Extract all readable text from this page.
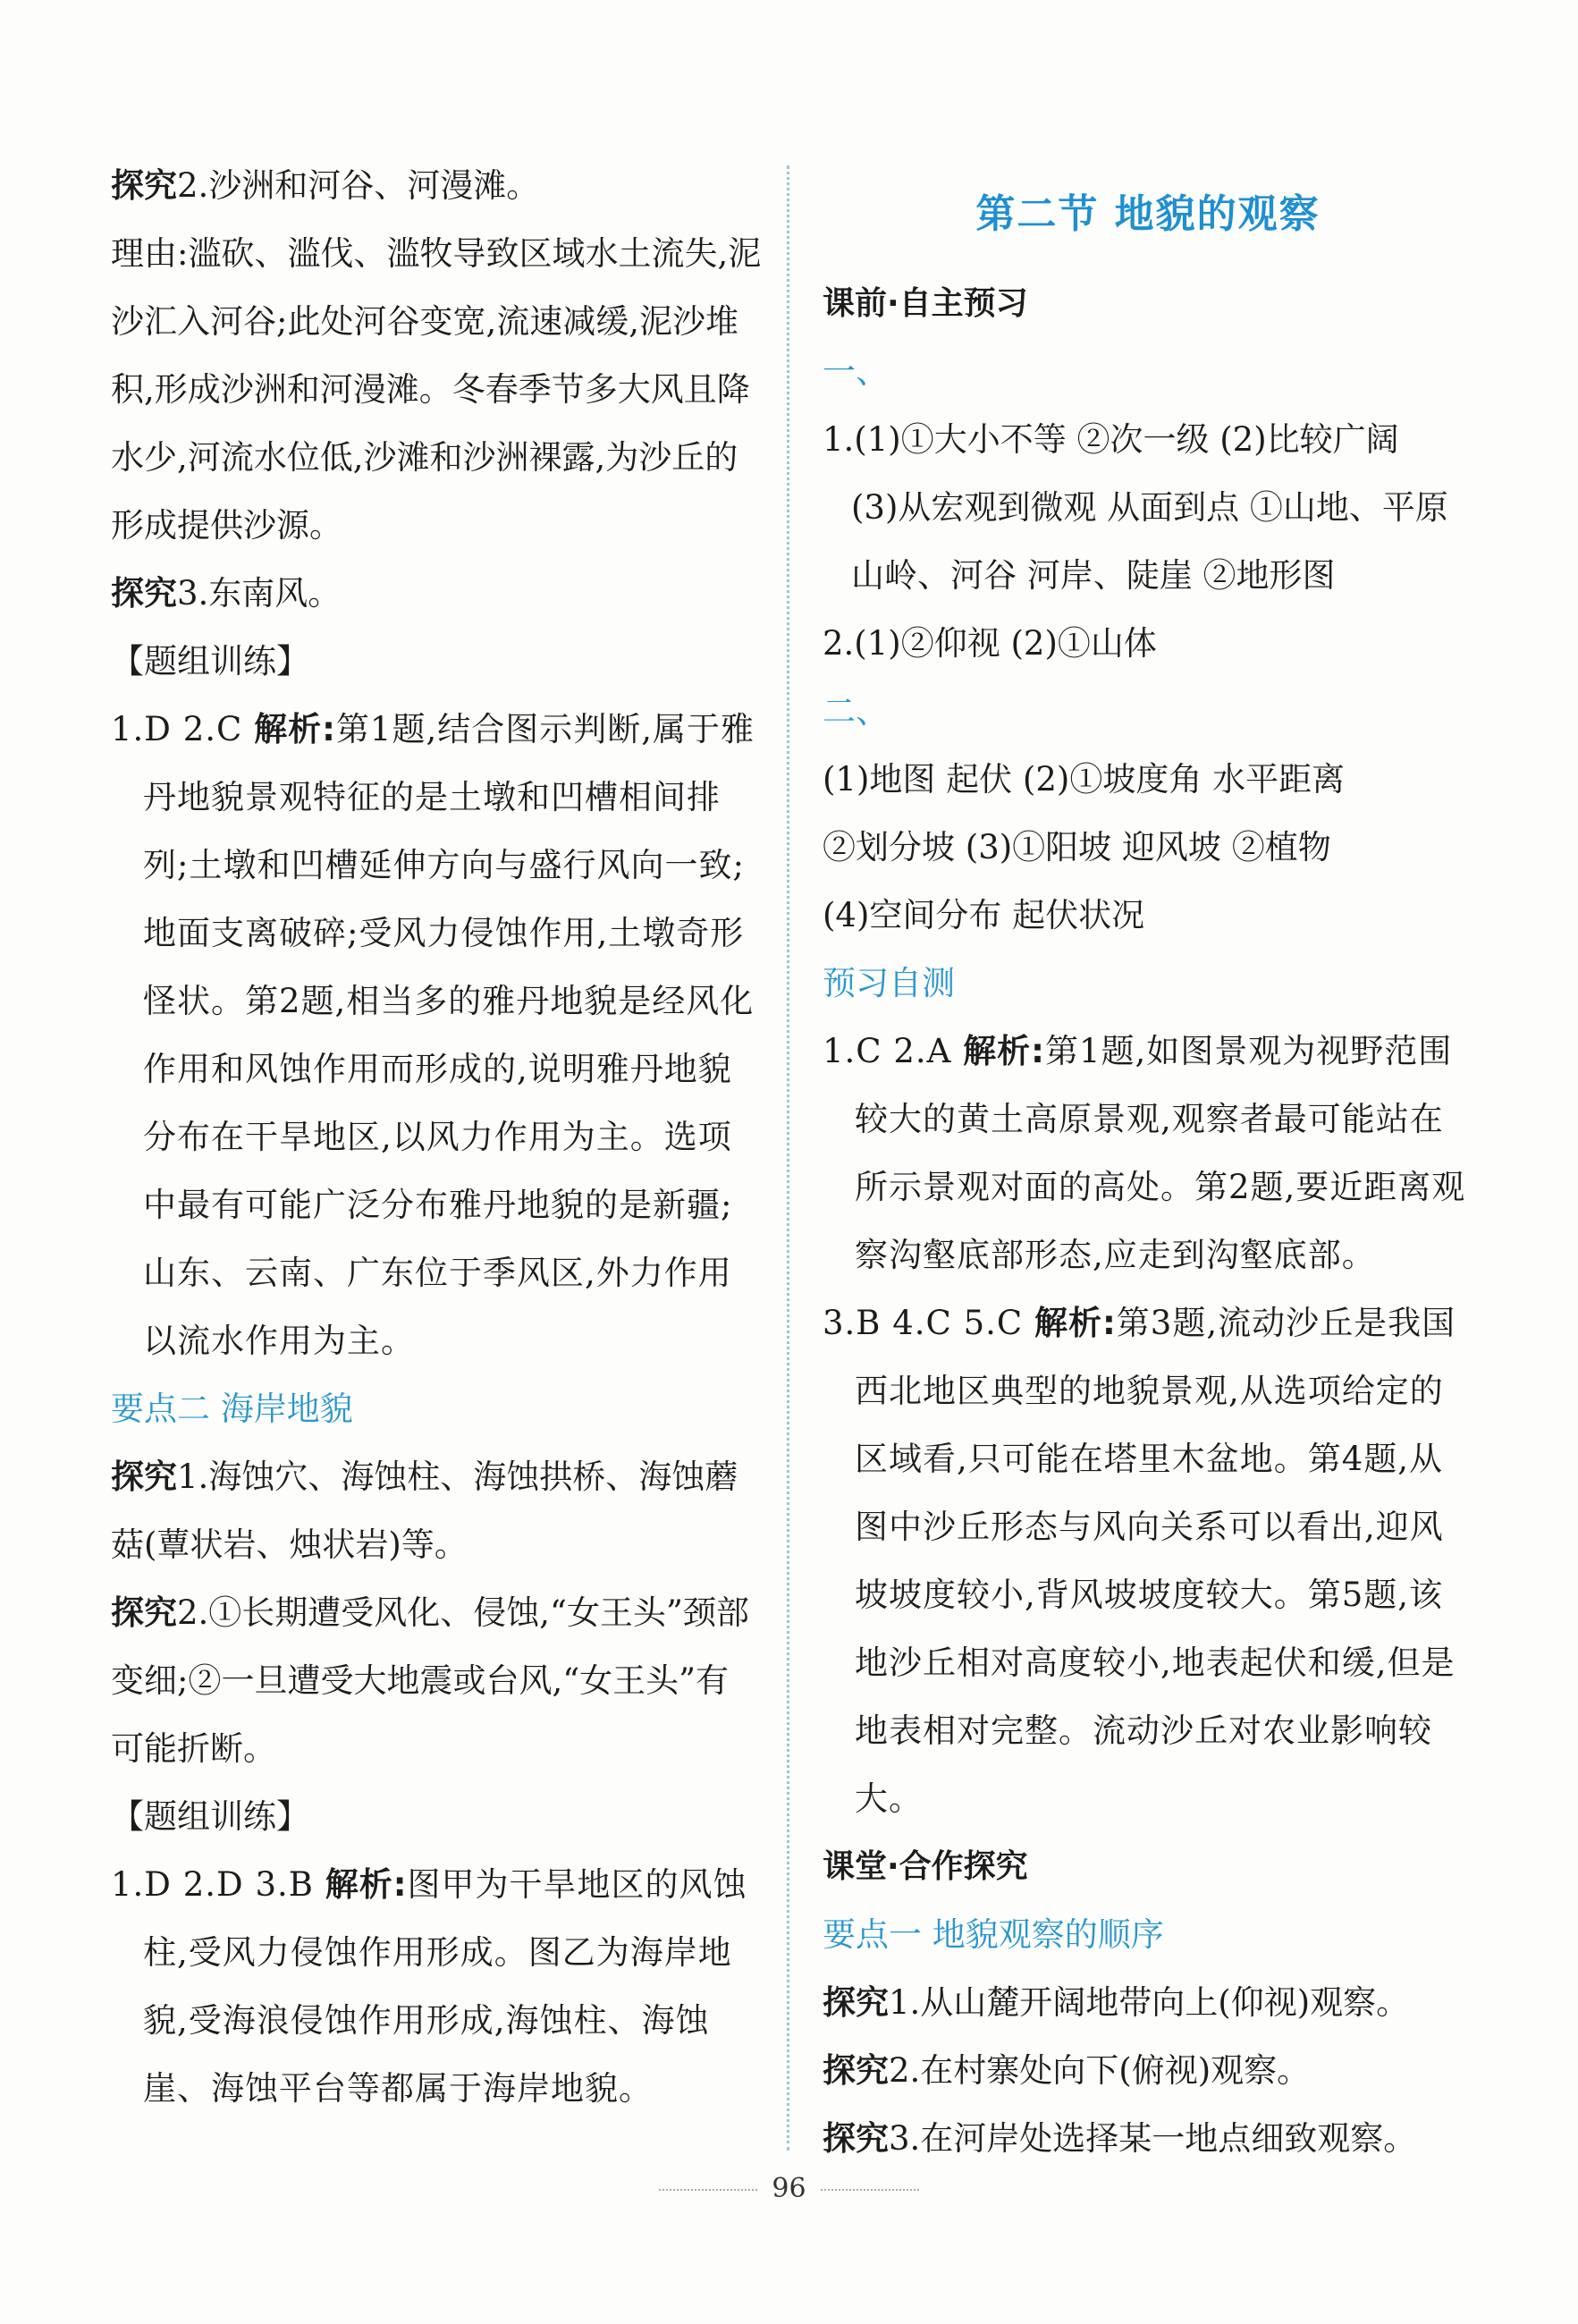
探究2.沙洲和河谷、河漫滩。

理由:滥砍、滥伐、滥牧导致区域水土流失,泥沙汇入河谷;此处河谷变宽,流速减缓,泥沙堆积,形成沙洲和河漫滩。冬春季节多大风且降水少,河流水位低,沙滩和沙洲裸露,为沙丘的形成提供沙源。

探究3.东南风。

【题组训练】

1.D 2.C 解析:第1题,结合图示判断,属于雅丹地貌景观特征的是土墩和凹槽相间排列;土墩和凹槽延伸方向与盛行风向一致;地面支离破碎;受风力侵蚀作用,土墩奇形怪状。第2题,相当多的雅丹地貌是经风化作用和风蚀作用而形成的,说明雅丹地貌分布在干旱地区,以风力作用为主。选项中最有可能广泛分布雅丹地貌的是新疆;山东、云南、广东位于季风区,外力作用以流水作用为主。

要点二 海岸地貌

探究1.海蚀穴、海蚀柱、海蚀拱桥、海蚀蘑菇(蕈状岩、烛状岩)等。

探究2.①长期遭受风化、侵蚀,“女王头”颈部变细;②一旦遭受大地震或台风,“女王头”有可能折断。

【题组训练】

1.D 2.D 3.B 解析:图甲为干旱地区的风蚀柱,受风力侵蚀作用形成。图乙为海岸地貌,受海浪侵蚀作用形成,海蚀柱、海蚀崖、海蚀平台等都属于海岸地貌。

第二节 地貌的观察

课前·自主预习

一、

1.(1)①大小不等 ②次一级 (2)比较广阔

(3)从宏观到微观 从面到点 ①山地、平原 山岭、河谷 河岸、陡崖 ②地形图

2.(1)②仰视 (2)①山体

二、

(1)地图 起伏 (2)①坡度角 水平距离

②划分坡 (3)①阳坡 迎风坡 ②植物

(4)空间分布 起伏状况

预习自测

1.C 2.A 解析:第1题,如图景观为视野范围较大的黄土高原景观,观察者最可能站在所示景观对面的高处。第2题,要近距离观察沟壑底部形态,应走到沟壑底部。

3.B 4.C 5.C 解析:第3题,流动沙丘是我国西北地区典型的地貌景观,从选项给定的区域看,只可能在塔里木盆地。第4题,从图中沙丘形态与风向关系可以看出,迎风坡坡度较小,背风坡坡度较大。第5题,该地沙丘相对高度较小,地表起伏和缓,但是地表相对完整。流动沙丘对农业影响较大。

课堂·合作探究

要点一 地貌观察的顺序

探究1.从山麓开阔地带向上(仰视)观察。

探究2.在村寨处向下(俯视)观察。

探究3.在河岸处选择某一地点细致观察。

96
